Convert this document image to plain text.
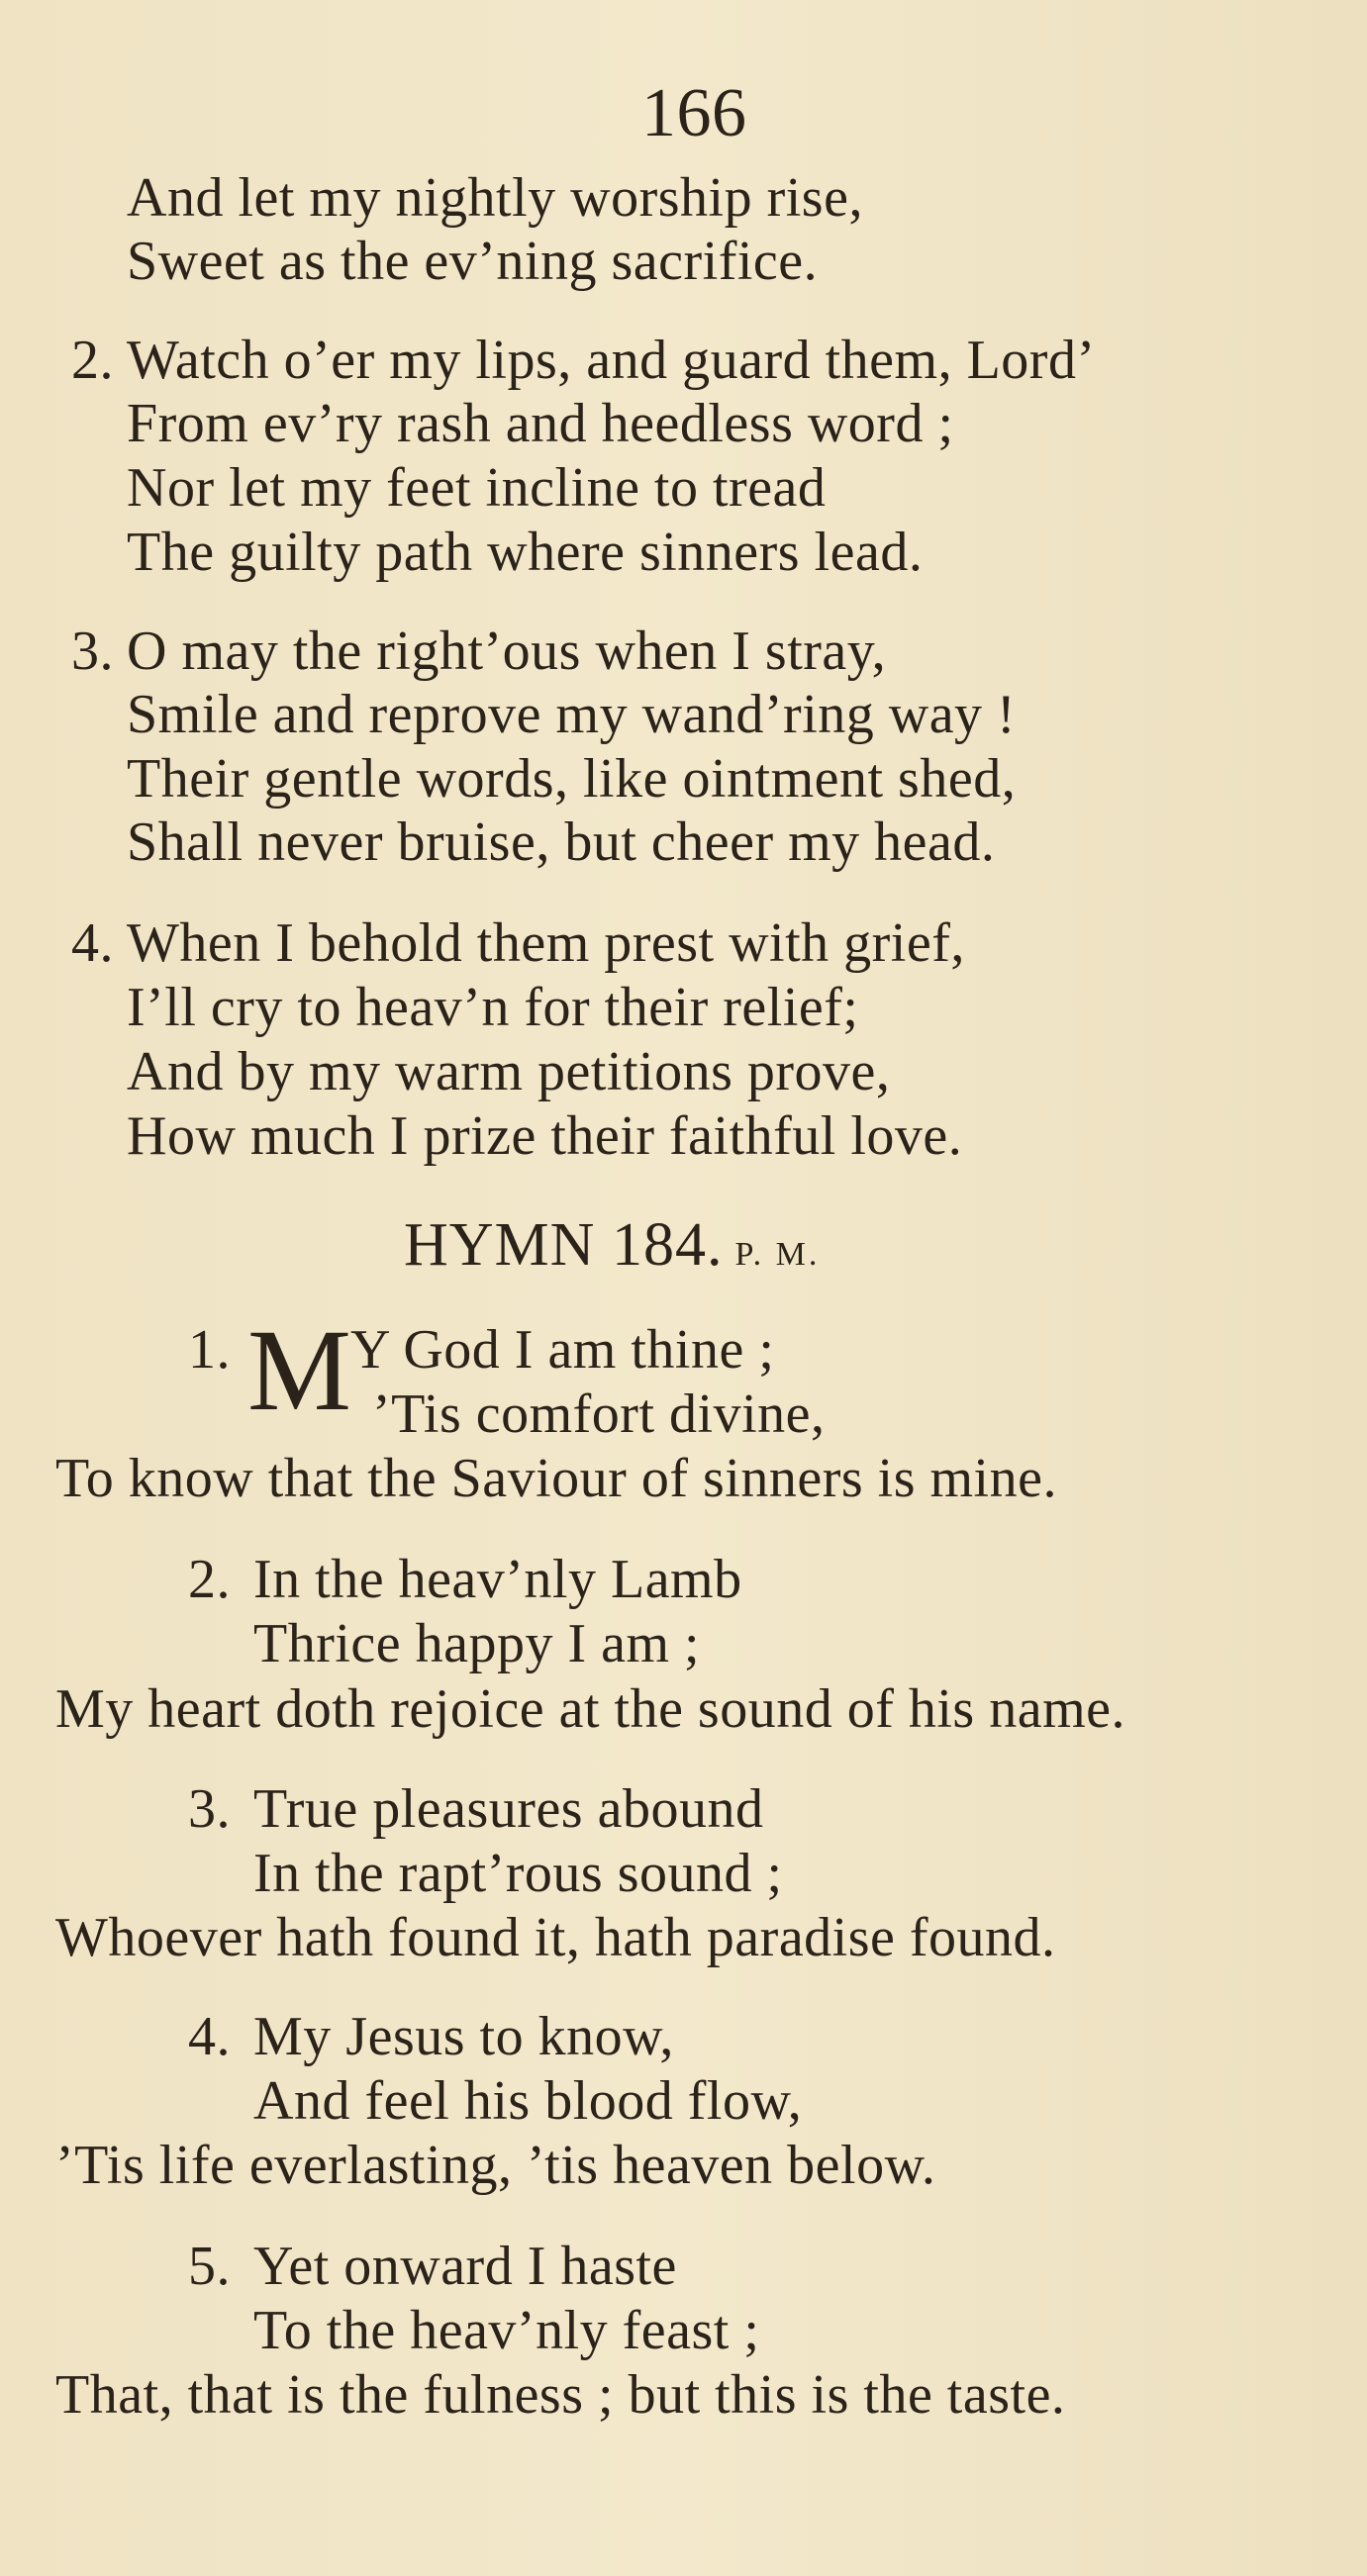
166
And let my nightly worship rise,
Sweet as the ev’ning sacrifice.
2. Watch o’er my lips, and guard them, Lordʼ
From ev’ry rash and heedless word ;
Nor let my feet incline to tread
The guilty path where sinners lead.
3. O may the right’ous when I stray,
Smile and reprove my wand’ring way !
Their gentle words, like ointment shed,
Shall never bruise, but cheer my head.
4. When I behold them prest with grief,
I’ll cry to heav’n for their relief;
And by my warm petitions prove,
How much I prize their faithful love.
HYMN 184. P. M.
1. M Y God I am thine ;
’Tis comfort divine,
To know that the Saviour of sinners is mine.
2. In the heav’nly Lamb
Thrice happy I am ;
My heart doth rejoice at the sound of his name.
3. True pleasures abound
In the rapt’rous sound ;
Whoever hath found it, hath paradise found.
4. My Jesus to know,
And feel his blood flow,
’Tis life everlasting, ’tis heaven below.
5. Yet onward I haste
To the heav’nly feast ;
That, that is the fulness ; but this is the taste.
